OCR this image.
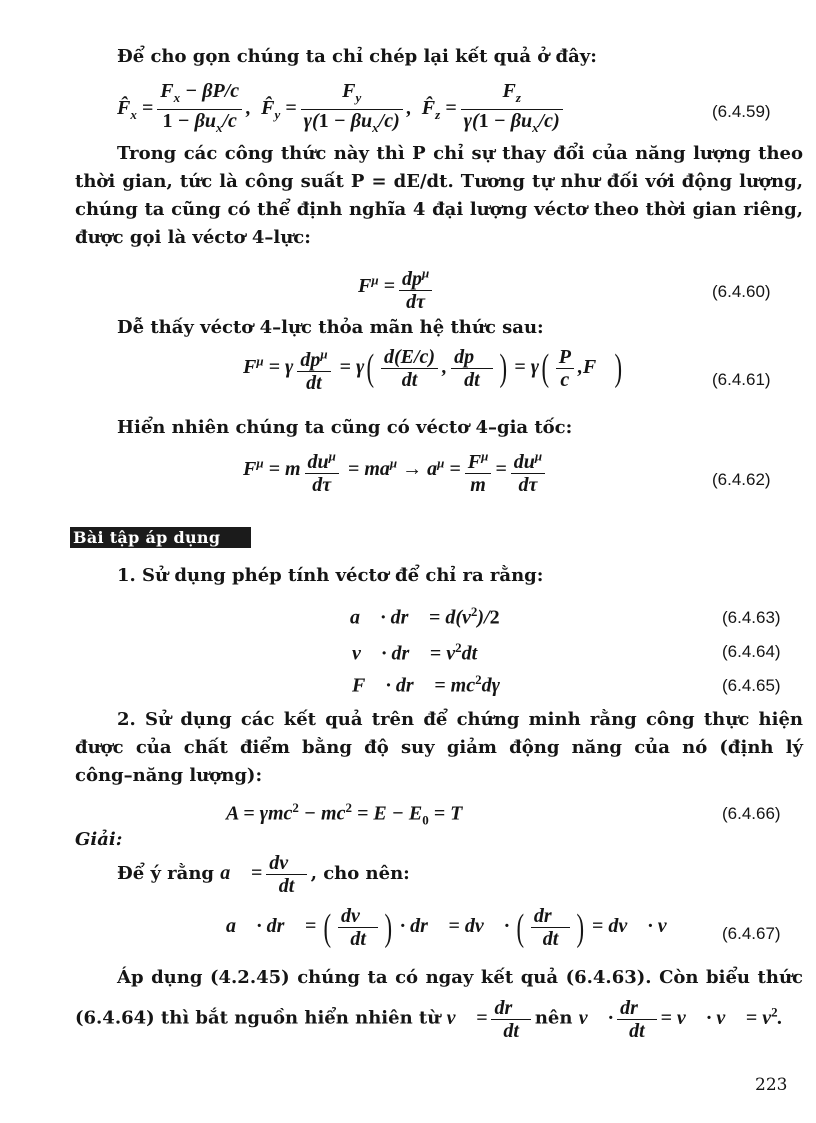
Để cho gọn chúng ta chỉ chép lại kết quả ở đây:
$F̂_x = \frac{F_x - \beta P/c}{1 - \beta u_x/c}$ ,  $F̂_y = \frac{F_y}{\gamma(1 - \beta u_x/c)}$ ,  $F̂_z = \frac{F_z}{\gamma(1 - \beta u_x/c)}$	(6.4.59)
Trong các công thức này thì P chỉ sự thay đổi của năng lượng theo
thời gian, tức là công suất P = dE/dt. Tương tự như đối với động lượng,
chúng ta cũng có thể định nghĩa 4 đại lượng véctơ theo thời gian riêng,
được gọi là véctơ 4–lực:
$F^\mu = \frac{dp^\mu}{d\tau}$	(6.4.60)
Dễ thấy véctơ 4–lực thỏa mãn hệ thức sau:
$F^\mu = \gamma \frac{dp^\mu}{dt} = \gamma( \frac{d(E/c)}{dt}$ , $\frac{dp⃗}{dt}$ ) = $\gamma( \frac{P}{c}$ ,F⃗)	(6.4.61)
Hiển nhiên chúng ta cũng có véctơ 4–gia tốc:
$F^\mu = m \frac{du^\mu}{d\tau} = ma^\mu \to a^\mu = \frac{F^\mu}{m} = \frac{du^\mu}{d\tau}$	(6.4.62)
Bài tập áp dụng
1. Sử dụng phép tính véctơ để chỉ ra rằng:
a⃗ · dr⃗ = $d(v^2)/2$	(6.4.63)
v⃗ · dr⃗ = $v^2dt$	(6.4.64)
F⃗ · dr⃗ = $mc^2d\gamma$	(6.4.65)
2. Sử dụng các kết quả trên để chứng minh rằng công thực hiện
được của chất điểm bằng độ suy giảm động năng của nó (định lý
công–năng lượng):
$A = \gamma mc^2 - mc^2 = E - E_0 = T$	(6.4.66)
Giải:
Để ý rằng a⃗ = $\frac{dv⃗}{dt}$ , cho nên:
a⃗ · dr⃗ = ( $\frac{dv⃗}{dt}$ ) · dr⃗ = dv⃗ · ( $\frac{dr⃗}{dt}$ ) = dv⃗ · v⃗ (6.4.67)
Áp dụng (4.2.45) chúng ta có ngay kết quả (6.4.63). Còn biểu thức
(6.4.64) thì bắt nguồn hiển nhiên từ v⃗ = $\frac{dr⃗}{dt}$ nên v⃗ · $\frac{dr⃗}{dt}$ = v⃗ · v⃗ = $v^2$.
223
